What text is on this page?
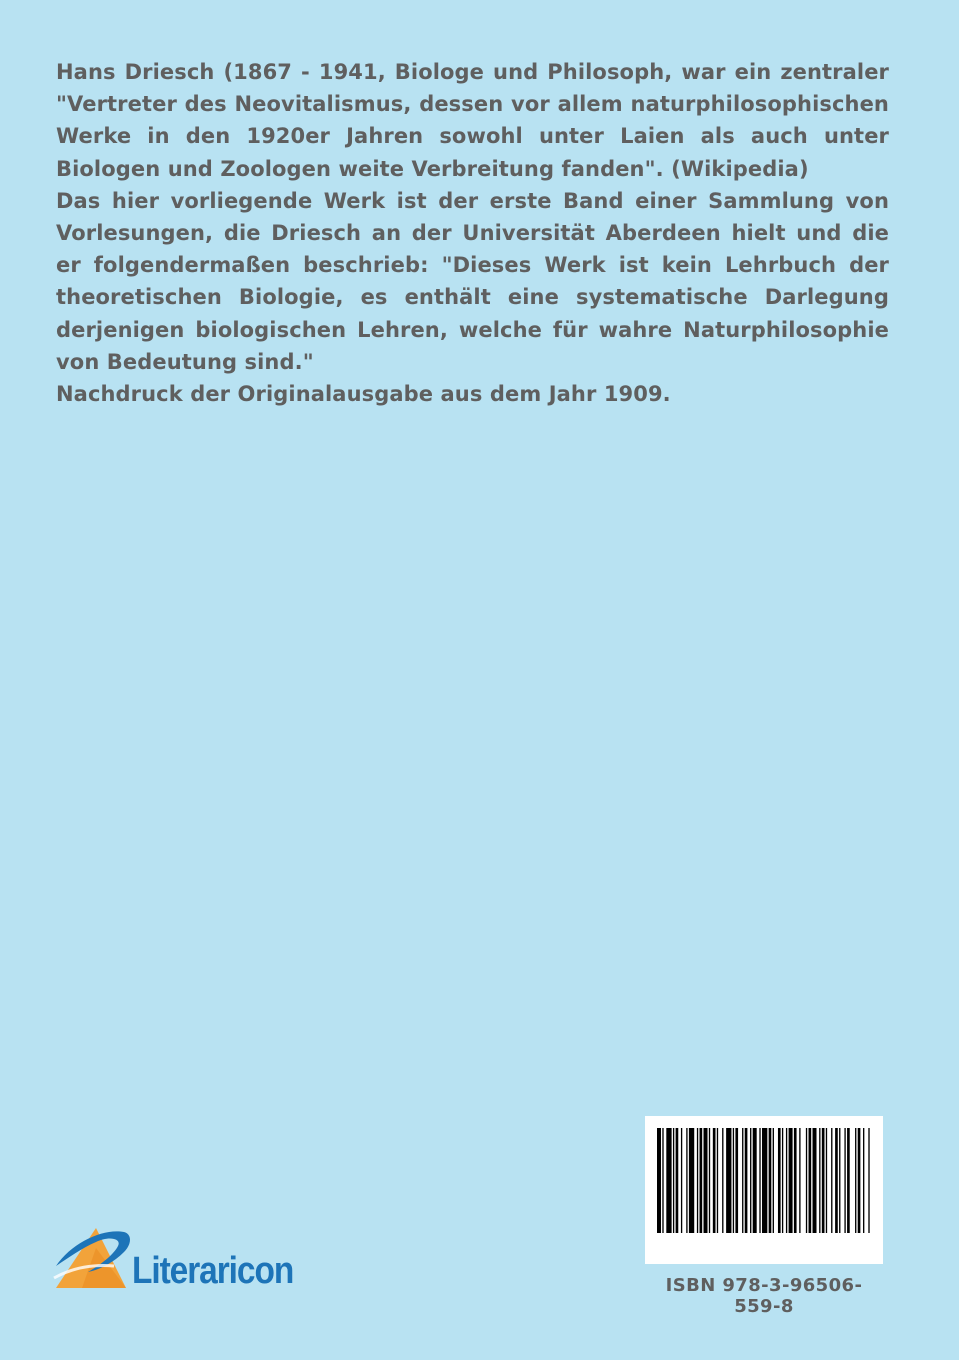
Hans Driesch (1867 - 1941, Biologe und Philosoph, war ein zentraler "Vertreter des Neovitalismus, dessen vor allem naturphilosophischen Werke in den 1920er Jahren sowohl unter Laien als auch unter Biologen und Zoologen weite Verbreitung fanden". (Wikipedia)

Das hier vorliegende Werk ist der erste Band einer Sammlung von Vorlesungen, die Driesch an der Universität Aberdeen hielt und die er folgendermaßen beschrieb: "Dieses Werk ist kein Lehrbuch der theoretischen Biologie, es enthält eine systematische Darlegung derjenigen biologischen Lehren, welche für wahre Naturphilosophie von Bedeutung sind."

Nachdruck der Originalausgabe aus dem Jahr 1909.

Literaricon	ISBN 978-3-96506-559-8
